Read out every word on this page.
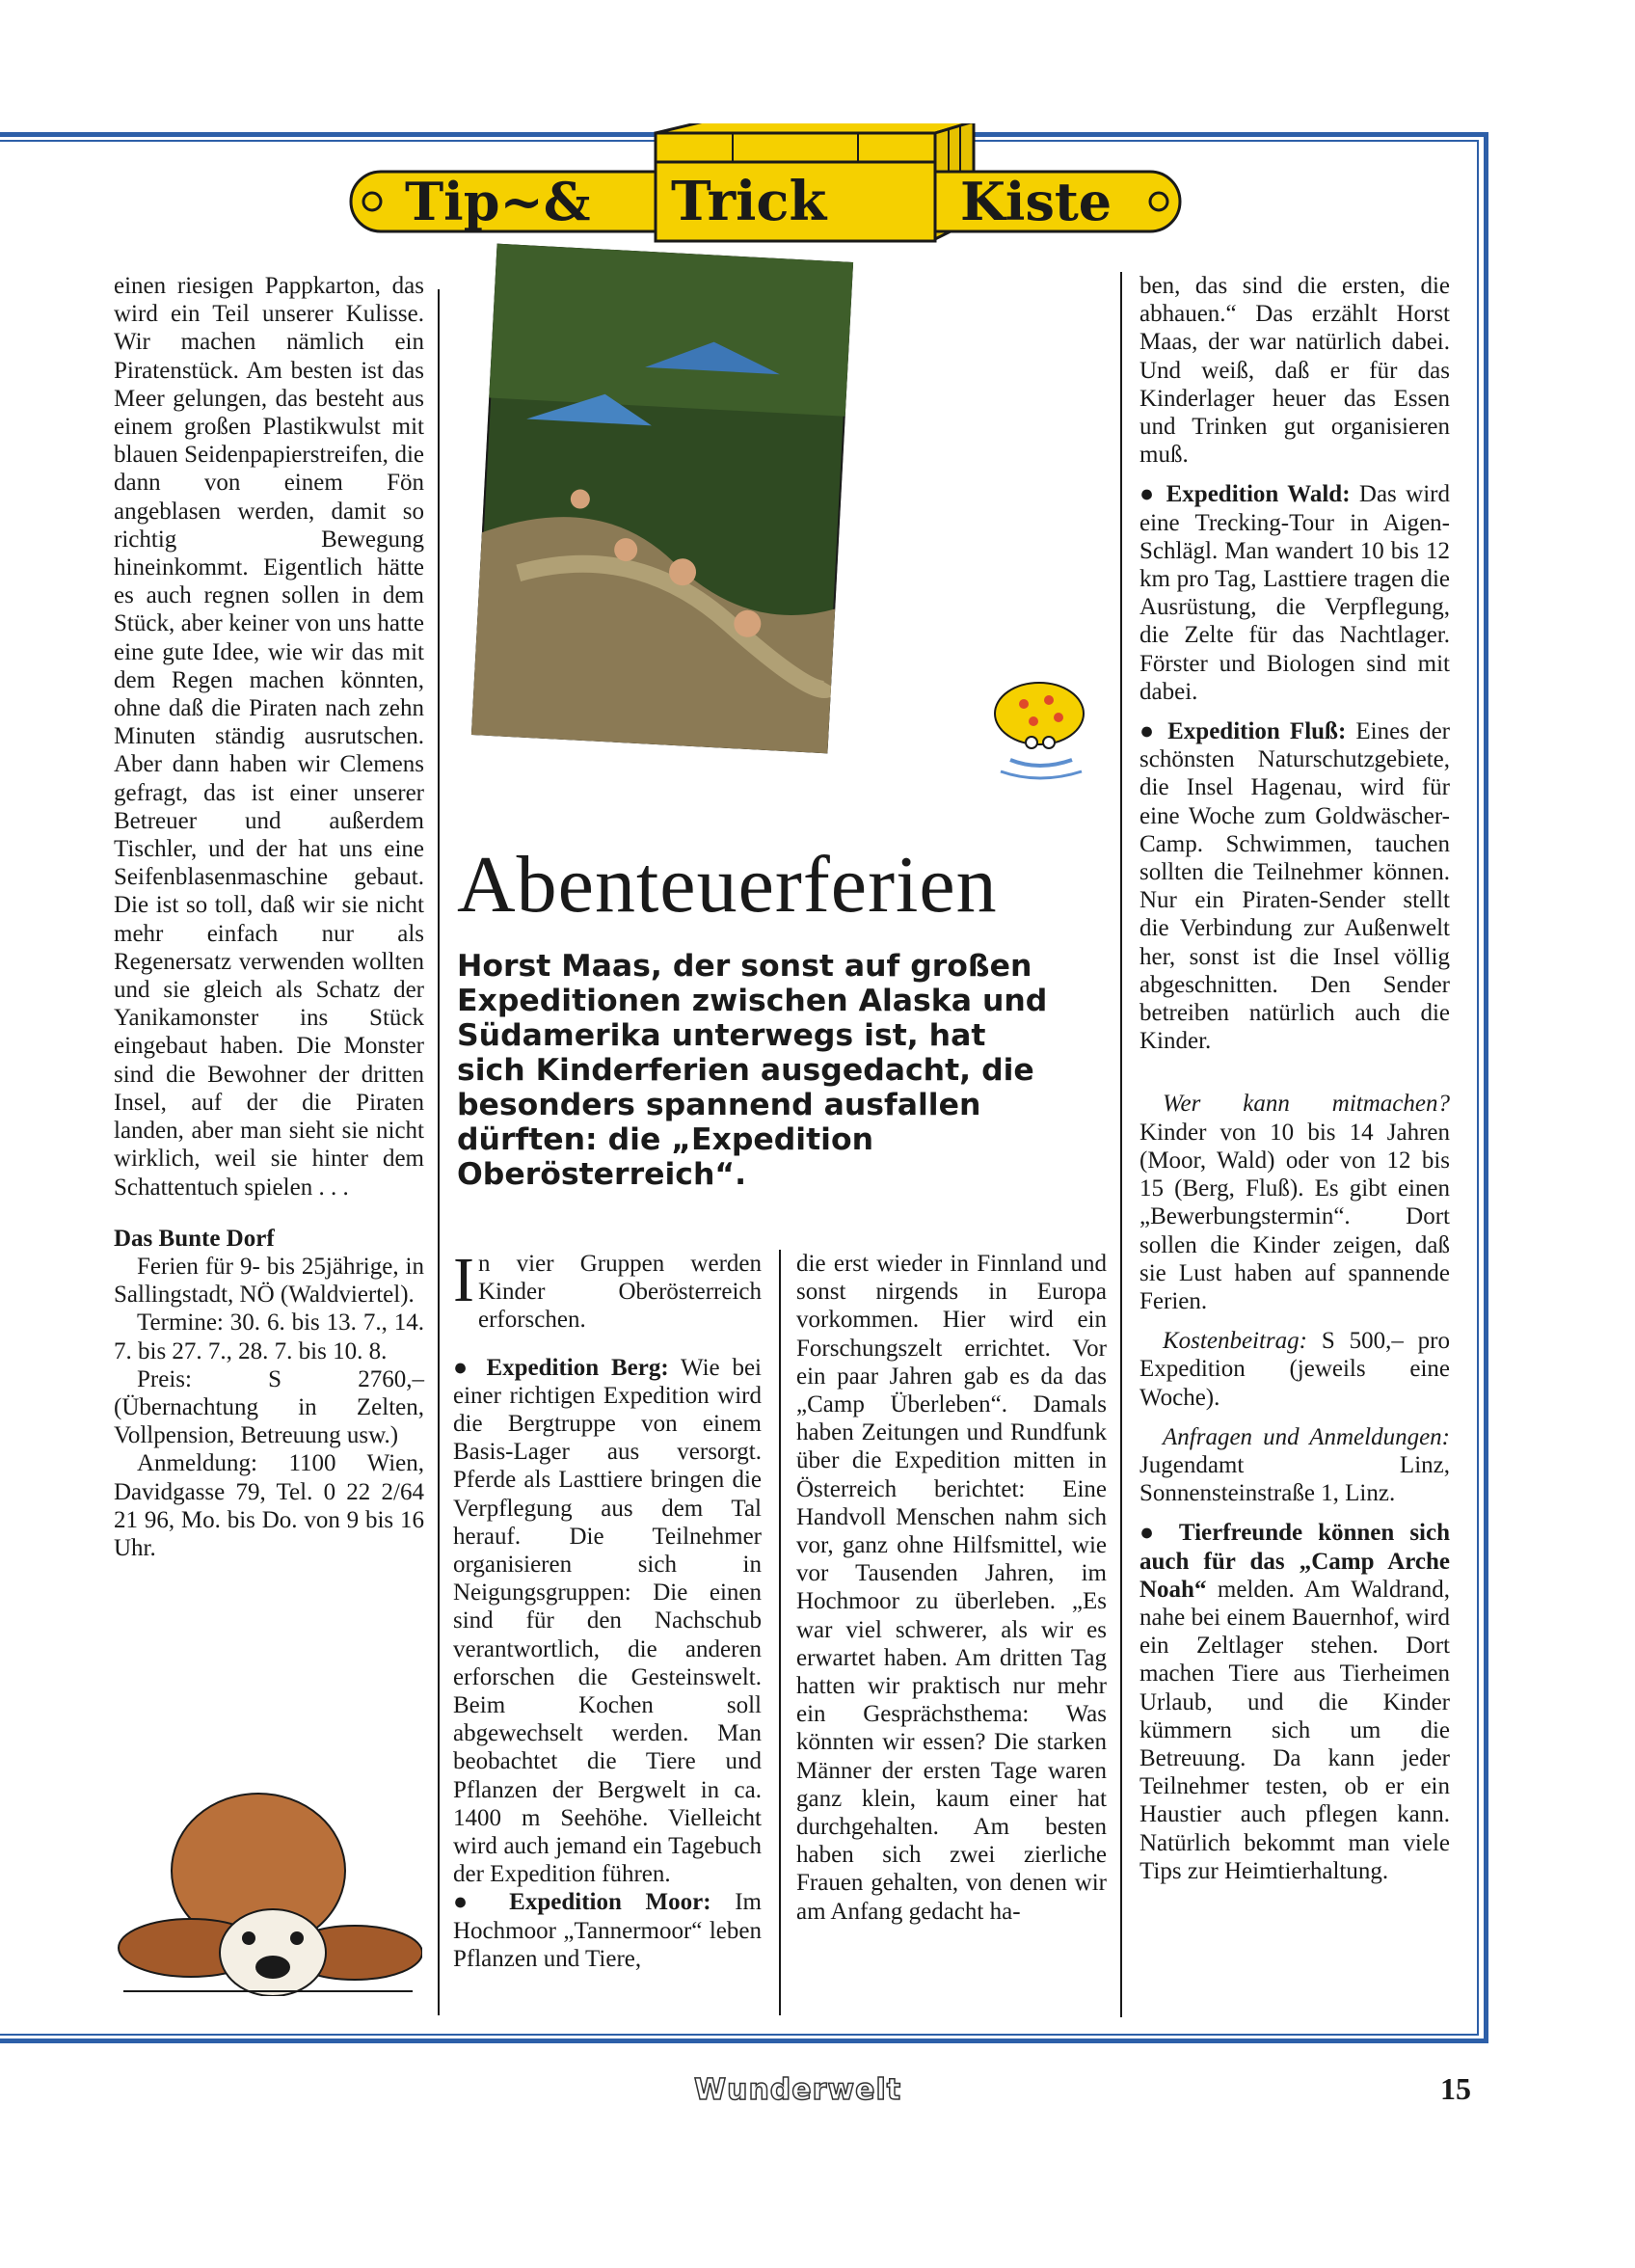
Tip~& Trick	Kiste

einen riesigen Pappkarton, das wird ein Teil unserer Kulisse. Wir machen nämlich ein Piratenstück. Am besten ist das Meer gelungen, das besteht aus einem großen Plastikwulst mit blauen Seidenpapierstreifen, die dann von einem Fön angeblasen werden, damit so richtig Bewegung hineinkommt. Eigentlich hätte es auch regnen sollen in dem Stück, aber keiner von uns hatte eine gute Idee, wie wir das mit dem Regen machen könnten, ohne daß die Piraten nach zehn Minuten ständig ausrutschen. Aber dann haben wir Clemens gefragt, das ist einer unserer Betreuer und außerdem Tischler, und der hat uns eine Seifenblasenmaschine gebaut. Die ist so toll, daß wir sie nicht mehr einfach nur als Regenersatz verwenden wollten und sie gleich als Schatz der Yanikamonster ins Stück eingebaut haben. Die Monster sind die Bewohner der dritten Insel, auf der die Piraten landen, aber man sieht sie nicht wirklich, weil sie hinter dem Schattentuch spielen . . .

Das Bunte Dorf

Ferien für 9- bis 25jährige, in Sallingstadt, NÖ (Waldviertel).

Termine: 30. 6. bis 13. 7., 14. 7. bis 27. 7., 28. 7. bis 10. 8.

Preis: S 2760,– (Übernachtung in Zelten, Vollpension, Betreuung usw.)

Anmeldung: 1100 Wien, Davidgasse 79, Tel. 0 22 2/64 21 96, Mo. bis Do. von 9 bis 16 Uhr.

Abenteuerferien
Horst Maas, der sonst auf großen Expeditionen zwischen Alaska und Südamerika unterwegs ist, hat sich Kinderferien ausgedacht, die besonders spannend ausfallen dürften: die „Expedition Oberösterreich“.

In vier Gruppen werden Kinder Oberösterreich erforschen.

● Expedition Berg: Wie bei einer richtigen Expedition wird die Bergtruppe von einem Basis-Lager aus versorgt. Pferde als Lasttiere bringen die Verpflegung aus dem Tal herauf. Die Teilnehmer organisieren sich in Neigungsgruppen: Die einen sind für den Nachschub verantwortlich, die anderen erforschen die Gesteinswelt. Beim Kochen soll abgewechselt werden. Man beobachtet die Tiere und Pflanzen der Bergwelt in ca. 1400 m Seehöhe. Vielleicht wird auch jemand ein Tagebuch der Expedition führen.

● Expedition Moor: Im Hochmoor „Tannermoor“ leben Pflanzen und Tiere,

die erst wieder in Finnland und sonst nirgends in Europa vorkommen. Hier wird ein Forschungszelt errichtet. Vor ein paar Jahren gab es da das „Camp Überleben“. Damals haben Zeitungen und Rundfunk über die Expedition mitten in Österreich berichtet: Eine Handvoll Menschen nahm sich vor, ganz ohne Hilfsmittel, wie vor Tausenden Jahren, im Hochmoor zu überleben. „Es war viel schwerer, als wir es erwartet haben. Am dritten Tag hatten wir praktisch nur mehr ein Gesprächsthema: Was könnten wir essen? Die starken Männer der ersten Tage waren ganz klein, kaum einer hat durchgehalten. Am besten haben sich zwei zierliche Frauen gehalten, von denen wir am Anfang gedacht ha-

ben, das sind die ersten, die abhauen.“ Das erzählt Horst Maas, der war natürlich dabei. Und weiß, daß er für das Kinderlager heuer das Essen und Trinken gut organisieren muß.

● Expedition Wald: Das wird eine Trecking-Tour in Aigen-Schlägl. Man wandert 10 bis 12 km pro Tag, Lasttiere tragen die Ausrüstung, die Verpflegung, die Zelte für das Nachtlager. Förster und Biologen sind mit dabei.

● Expedition Fluß: Eines der schönsten Naturschutzgebiete, die Insel Hagenau, wird für eine Woche zum Goldwäscher-Camp. Schwimmen, tauchen sollten die Teilnehmer können. Nur ein Piraten-Sender stellt die Verbindung zur Außenwelt her, sonst ist die Insel völlig abgeschnitten. Den Sender betreiben natürlich auch die Kinder.

Wer kann mitmachen? Kinder von 10 bis 14 Jahren (Moor, Wald) oder von 12 bis 15 (Berg, Fluß). Es gibt einen „Bewerbungstermin“. Dort sollen die Kinder zeigen, daß sie Lust haben auf spannende Ferien.

Kostenbeitrag: S 500,– pro Expedition (jeweils eine Woche).

Anfragen und Anmeldungen: Jugendamt Linz, Sonnensteinstraße 1, Linz.

● Tierfreunde können sich auch für das „Camp Arche Noah“ melden. Am Waldrand, nahe bei einem Bauernhof, wird ein Zeltlager stehen. Dort machen Tiere aus Tierheimen Urlaub, und die Kinder kümmern sich um die Betreuung. Da kann jeder Teilnehmer testen, ob er ein Haustier auch pflegen kann. Natürlich bekommt man viele Tips zur Heimtierhaltung.

Wunderwelt	15
